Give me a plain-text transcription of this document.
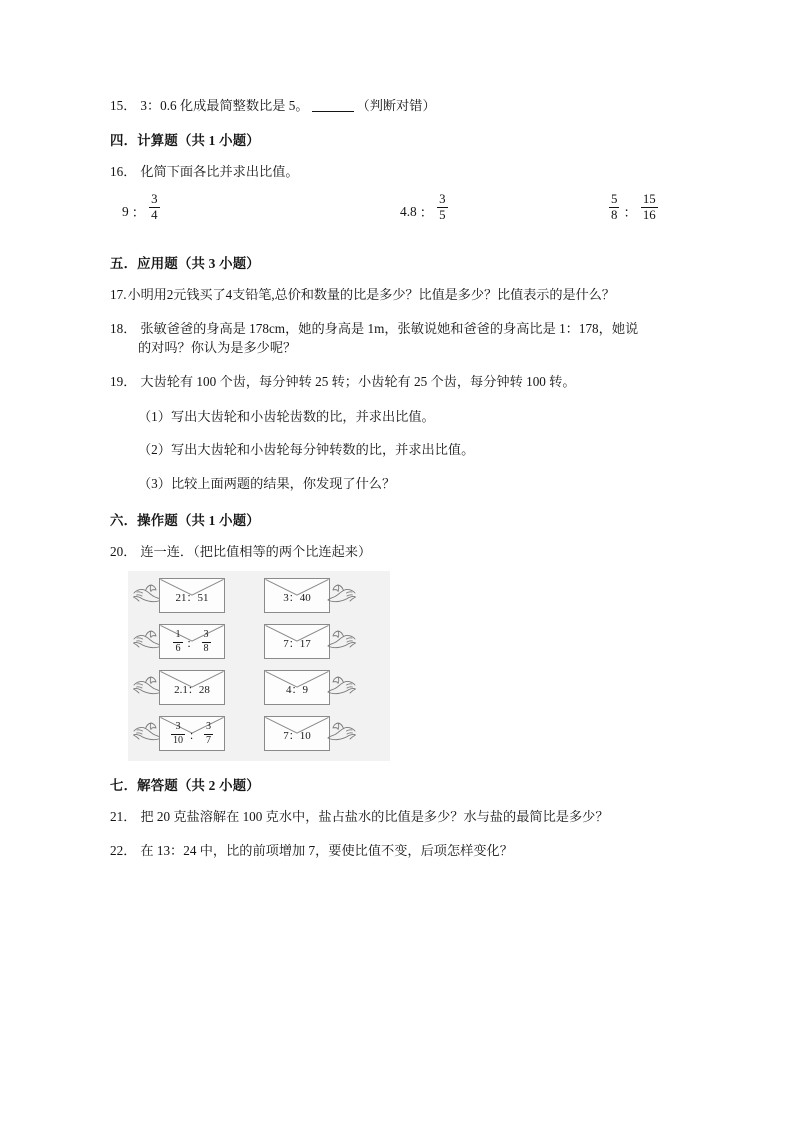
15． 3：0.6 化成最简整数比是 5。	（判断对错）
四．计算题（共 1 小题）
16． 化简下面各比并求出比值。
9 ： $\frac{3}{4}$	4.8 ： $\frac{3}{5}$	$\frac{5}{8}$ ： $\frac{15}{16}$
五．应用题（共 3 小题）
17. 小明用2元钱买了4支铅笔,总价和数量的比是多少？比值是多少？比值表示的是什么？
18． 张敏爸爸的身高是 178cm，她的身高是 1m，张敏说她和爸爸的身高比是 1：178，她说
的对吗？你认为是多少呢？
19． 大齿轮有 100 个齿，每分钟转 25 转；小齿轮有 25 个齿，每分钟转 100 转。
（1）写出大齿轮和小齿轮齿数的比，并求出比值。
（2）写出大齿轮和小齿轮每分钟转数的比，并求出比值。
（3）比较上面两题的结果，你发现了什么？
六．操作题（共 1 小题）
20． 连一连．（把比值相等的两个比连起来）
21：51	3：40
$\frac{1}{6}$ ： $\frac{3}{8}$	7：17
2.1：28	4：9
$\frac{3}{10}$ ： $\frac{3}{7}$	7：10
七．解答题（共 2 小题）
21． 把 20 克盐溶解在 100 克水中，盐占盐水的比值是多少？水与盐的最简比是多少？
22． 在 13：24 中，比的前项增加 7，要使比值不变，后项怎样变化？
